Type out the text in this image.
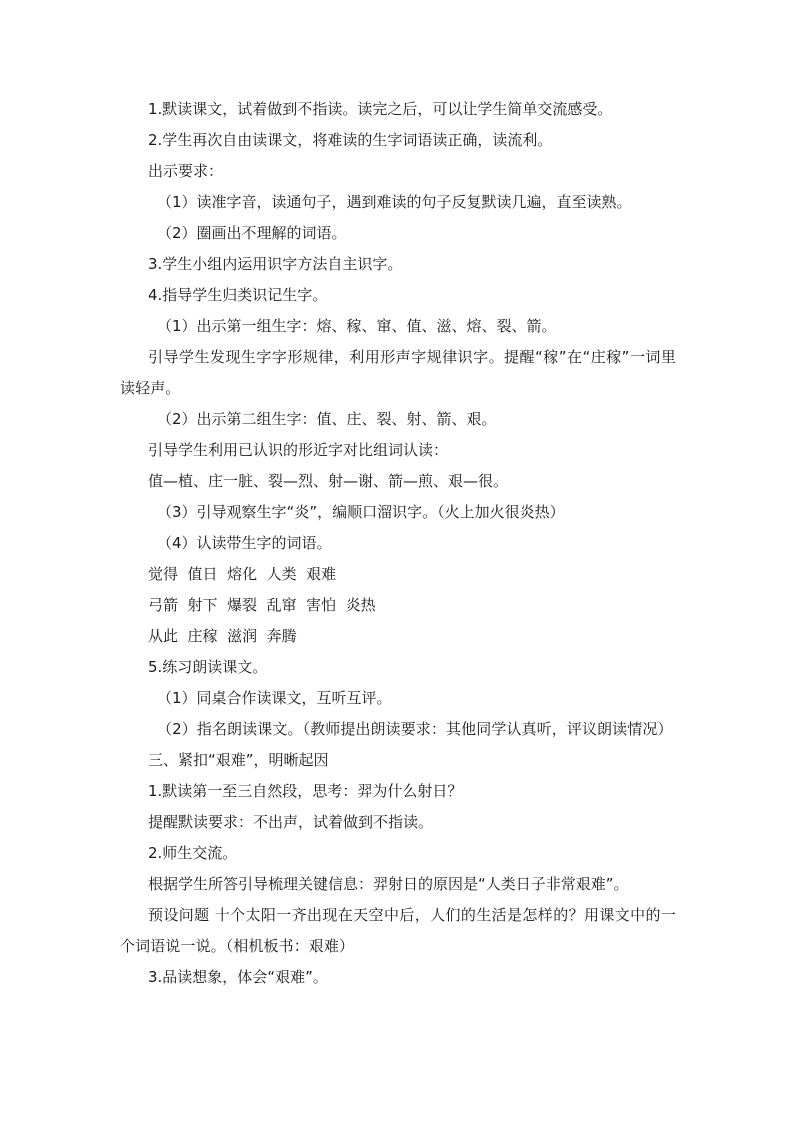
1.默读课文，试着做到不指读。读完之后，可以让学生简单交流感受。

2.学生再次自由读课文，将难读的生字词语读正确，读流利。

出示要求：

（1）读准字音，读通句子，遇到难读的句子反复默读几遍，直至读熟。

（2）圈画出不理解的词语。

3.学生小组内运用识字方法自主识字。

4.指导学生归类识记生字。

（1）出示第一组生字：熔、稼、窜、值、滋、熔、裂、箭。

引导学生发现生字字形规律，利用形声字规律识字。提醒“稼”在“庄稼”一词里读轻声。

（2）出示第二组生字：值、庄、裂、射、箭、艰。

引导学生利用已认识的形近字对比组词认读：

值—植、庄一脏、裂—烈、射—谢、箭—煎、艰—很。

（3）引导观察生字“炎”，编顺口溜识字。（火上加火很炎热）

（4）认读带生字的词语。

觉得  值日  熔化  人类  艰难

弓箭  射下  爆裂  乱窜  害怕  炎热

从此  庄稼  滋润  奔腾

5.练习朗读课文。

（1）同桌合作读课文，互听互评。

（2）指名朗读课文。（教师提出朗读要求：其他同学认真听，评议朗读情况）

三、紧扣“艰难”，明晰起因

1.默读第一至三自然段，思考：羿为什么射日？

提醒默读要求：不出声，试着做到不指读。

2.师生交流。

根据学生所答引导梳理关键信息：羿射日的原因是“人类日子非常艰难”。

预设问题 十个太阳一齐出现在天空中后，人们的生活是怎样的？用课文中的一个词语说一说。（相机板书：艰难）

3.品读想象，体会“艰难”。
